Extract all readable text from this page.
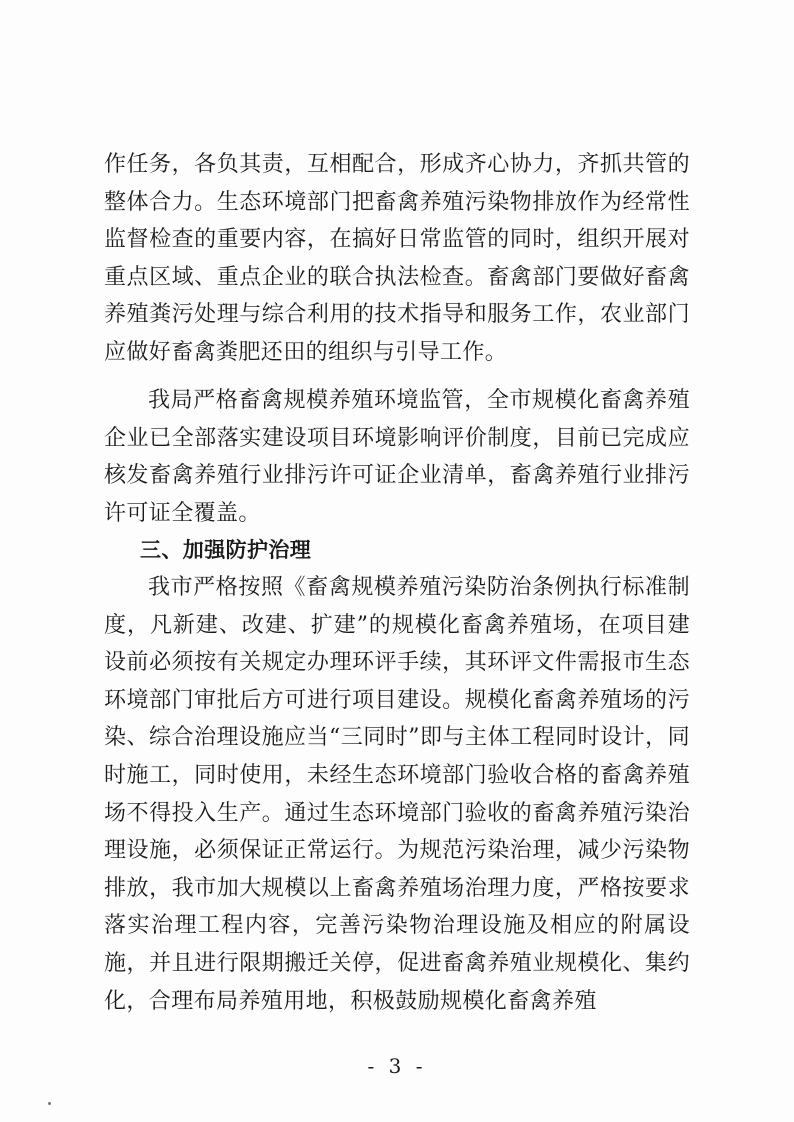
作任务，各负其责，互相配合，形成齐心协力，齐抓共管的整体合力。生态环境部门把畜禽养殖污染物排放作为经常性监督检查的重要内容，在搞好日常监管的同时，组织开展对重点区域、重点企业的联合执法检查。畜禽部门要做好畜禽养殖粪污处理与综合利用的技术指导和服务工作，农业部门应做好畜禽粪肥还田的组织与引导工作。

我局严格畜禽规模养殖环境监管，全市规模化畜禽养殖企业已全部落实建设项目环境影响评价制度，目前已完成应核发畜禽养殖行业排污许可证企业清单，畜禽养殖行业排污许可证全覆盖。

三、加强防护治理

我市严格按照《畜禽规模养殖污染防治条例执行标准制度，凡新建、改建、扩建”的规模化畜禽养殖场，在项目建设前必须按有关规定办理环评手续，其环评文件需报市生态环境部门审批后方可进行项目建设。规模化畜禽养殖场的污染、综合治理设施应当“三同时”即与主体工程同时设计，同时施工，同时使用，未经生态环境部门验收合格的畜禽养殖场不得投入生产。通过生态环境部门验收的畜禽养殖污染治理设施，必须保证正常运行。为规范污染治理，减少污染物排放，我市加大规模以上畜禽养殖场治理力度，严格按要求落实治理工程内容，完善污染物治理设施及相应的附属设施，并且进行限期搬迁关停，促进畜禽养殖业规模化、集约化，合理布局养殖用地，积极鼓励规模化畜禽养殖

- 3 -
